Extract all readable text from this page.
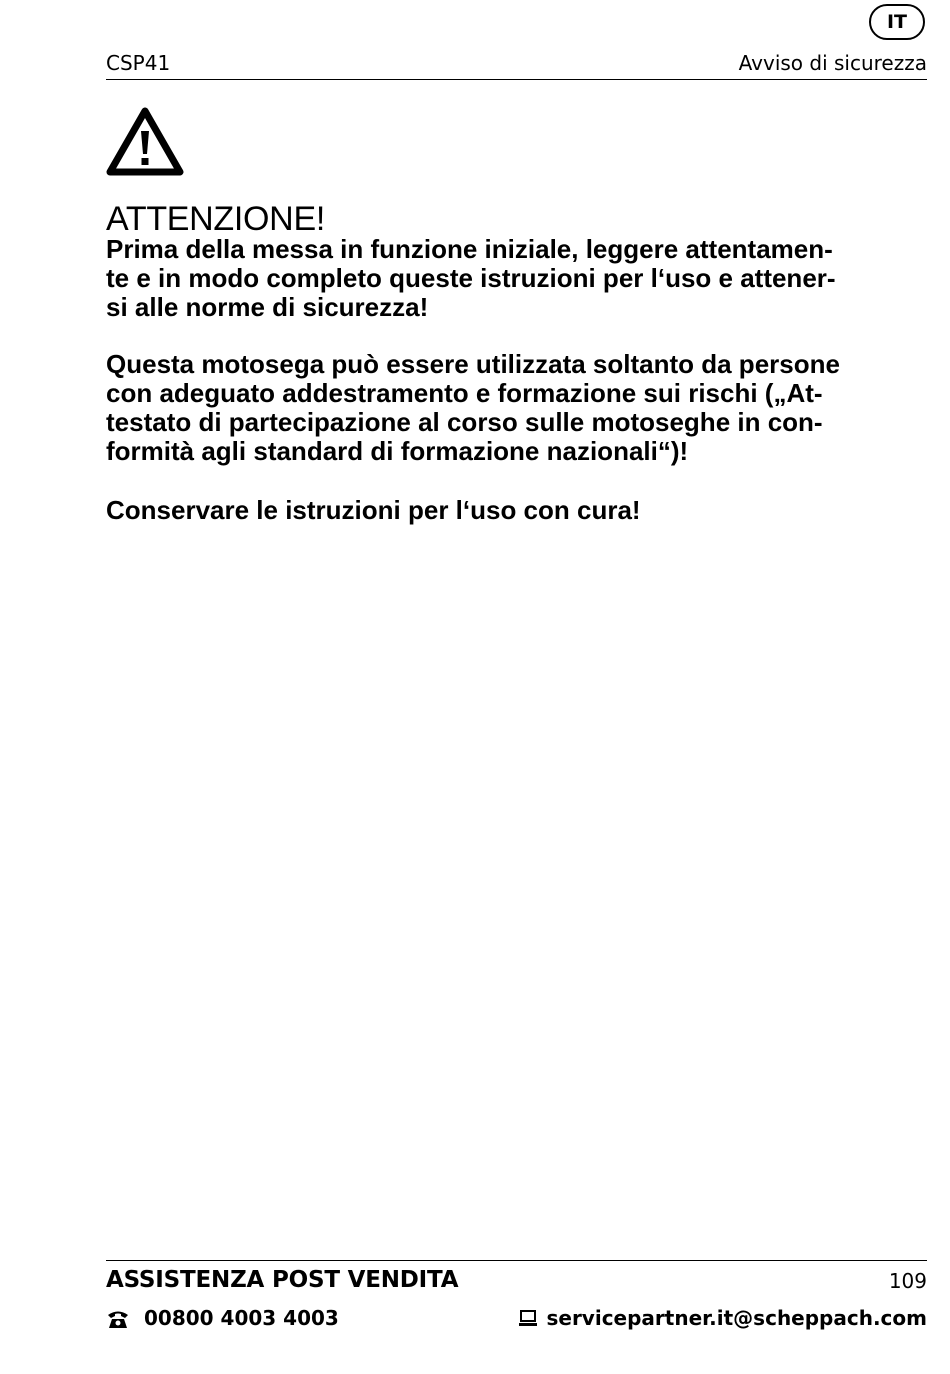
IT
CSP41	Avviso di sicurezza
ATTENZIONE!
Prima della messa in funzione iniziale, leggere attentamen-
te e in modo completo queste istruzioni per l‘uso e attener-
si alle norme di sicurezza!
Questa motosega può essere utilizzata soltanto da persone
con adeguato addestramento e formazione sui rischi („At-
testato di partecipazione al corso sulle motoseghe in con-
formità agli standard di formazione nazionali“)!
Conservare le istruzioni per l‘uso con cura!
ASSISTENZA POST VENDITA	109
00800 4003 4003	servicepartner.it@scheppach.com
